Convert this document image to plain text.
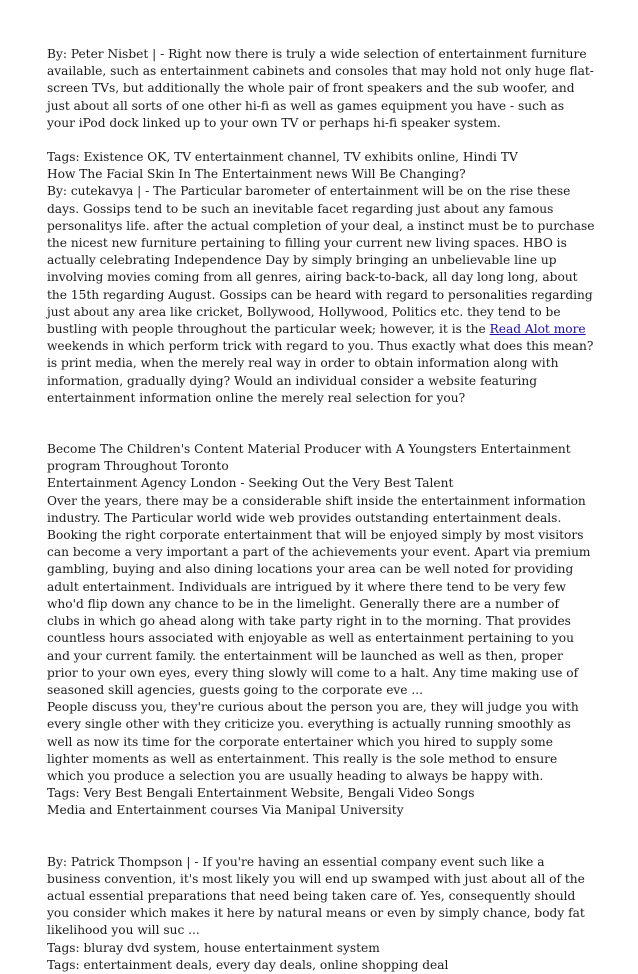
By: Peter Nisbet | - Right now there is truly a wide selection of entertainment furniture available, such as entertainment cabinets and consoles that may hold not only huge flat-screen TVs, but additionally the whole pair of front speakers and the sub woofer, and just about all sorts of one other hi-fi as well as games equipment you have - such as your iPod dock linked up to your own TV or perhaps hi-fi speaker system.

Tags: Existence OK, TV entertainment channel, TV exhibits online, Hindi TV

How The Facial Skin In The Entertainment news Will Be Changing?

By: cutekavya | - The Particular barometer of entertainment will be on the rise these days. Gossips tend to be such an inevitable facet regarding just about any famous personalitys life. after the actual completion of your deal, a instinct must be to purchase the nicest new furniture pertaining to filling your current new living spaces. HBO is actually celebrating Independence Day by simply bringing an unbelievable line up involving movies coming from all genres, airing back-to-back, all day long long, about the 15th regarding August. Gossips can be heard with regard to personalities regarding just about any area like cricket, Bollywood, Hollywood, Politics etc. they tend to be bustling with people throughout the particular week; however, it is the Read Alot more weekends in which perform trick with regard to you. Thus exactly what does this mean? is print media, when the merely real way in order to obtain information along with information, gradually dying? Would an individual consider a website featuring entertainment information online the merely real selection for you?

Become The Children's Content Material Producer with A Youngsters Entertainment program Throughout Toronto

Entertainment Agency London - Seeking Out the Very Best Talent

Over the years, there may be a considerable shift inside the entertainment information industry. The Particular world wide web provides outstanding entertainment deals. Booking the right corporate entertainment that will be enjoyed simply by most visitors can become a very important a part of the achievements your event. Apart via premium gambling, buying and also dining locations your area can be well noted for providing adult entertainment. Individuals are intrigued by it where there tend to be very few who'd flip down any chance to be in the limelight. Generally there are a number of clubs in which go ahead along with take party right in to the morning. That provides countless hours associated with enjoyable as well as entertainment pertaining to you and your current family. the entertainment will be launched as well as then, proper prior to your own eyes, every thing slowly will come to a halt. Any time making use of seasoned skill agencies, guests going to the corporate eve ...

People discuss you, they're curious about the person you are, they will judge you with every single other with they criticize you. everything is actually running smoothly as well as now its time for the corporate entertainer which you hired to supply some lighter moments as well as entertainment. This really is the sole method to ensure which you produce a selection you are usually heading to always be happy with.

Tags: Very Best Bengali Entertainment Website, Bengali Video Songs

Media and Entertainment courses Via Manipal University

By: Patrick Thompson | - If you're having an essential company event such like a business convention, it's most likely you will end up swamped with just about all of the actual essential preparations that need being taken care of. Yes, consequently should you consider which makes it here by natural means or even by simply chance, body fat likelihood you will suc ...

Tags: bluray dvd system, house entertainment system

Tags: entertainment deals, every day deals, online shopping deal
